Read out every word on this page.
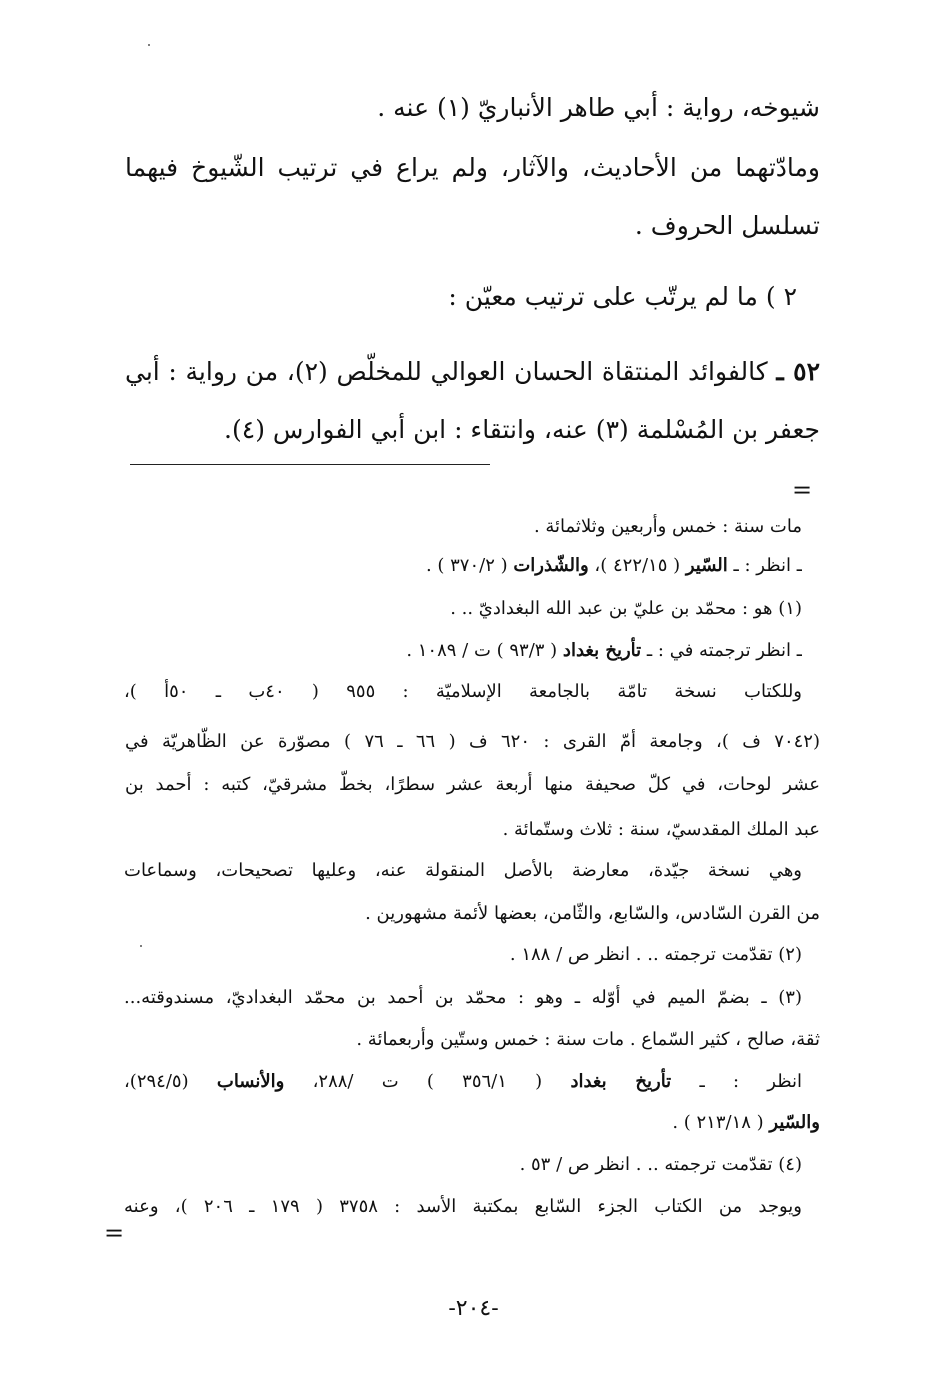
شيوخه، رواية : أبي طاهر الأنباريّ (١) عنه .
ومادّتهما من الأحاديث، والآثار، ولم يراع في ترتيب الشّيوخ فيهما
تسلسل الحروف .
٢ ) ما لم يرتّب على ترتيب معيّن :
٥٢ ـ كالفوائد المنتقاة الحسان العوالي للمخلّص (٢)، من رواية : أبي
جعفر بن المُسْلمة (٣) عنه، وانتقاء : ابن أبي الفوارس (٤).
=
مات سنة : خمس وأربعين وثلاثمائة .
ـ انظر : ـ السّير ( ٤٢٢/١٥ )، والشّذرات ( ٣٧٠/٢ ) .
(١) هو : محمّد بن عليّ بن عبد الله البغداديّ .. .
ـ انظر ترجمته في : ـ تأريخ بغداد ( ٩٣/٣ ) ت / ١٠٨٩ .
وللكتاب نسخة تامّة بالجامعة الإسلاميّة : ٩٥٥ ( ٤٠ب ـ ٥٠أ )،
(٧٠٤٢ ف )، وجامعة أمّ القرى : ٦٢٠ ف ( ٦٦ ـ ٧٦ ) مصوّرة عن الظّاهريّة في
عشر لوحات، في كلّ صحيفة منها أربعة عشر سطرًا، بخطّ مشرقيّ، كتبه : أحمد بن
عبد الملك المقدسيّ، سنة : ثلاث وستّمائة .
وهي نسخة جيّدة، معارضة بالأصل المنقولة عنه، وعليها تصحيحات، وسماعات
من القرن السّادس، والسّابع، والثّامن، بعضها لأئمة مشهورين .
(٢) تقدّمت ترجمته .. . انظر ص / ١٨٨ .
(٣) ـ بضمّ الميم في أوّله ـ وهو : محمّد بن أحمد بن محمّد البغداديّ، مسندوقته...
ثقة، صالح ، كثير السّماع . مات سنة : خمس وستّين وأربعمائة .
انظر : ـ تأريخ بغداد ( ٣٥٦/١ ) ت /٢٨٨، والأنساب (٢٩٤/٥)،
والسّير ( ٢١٣/١٨ ) .
(٤) تقدّمت ترجمته .. . انظر ص / ٥٣ .
ويوجد من الكتاب الجزء السّابع بمكتبة الأسد : ٣٧٥٨ ( ١٧٩ ـ ٢٠٦ )، وعنه
=
-٢٠٤-
